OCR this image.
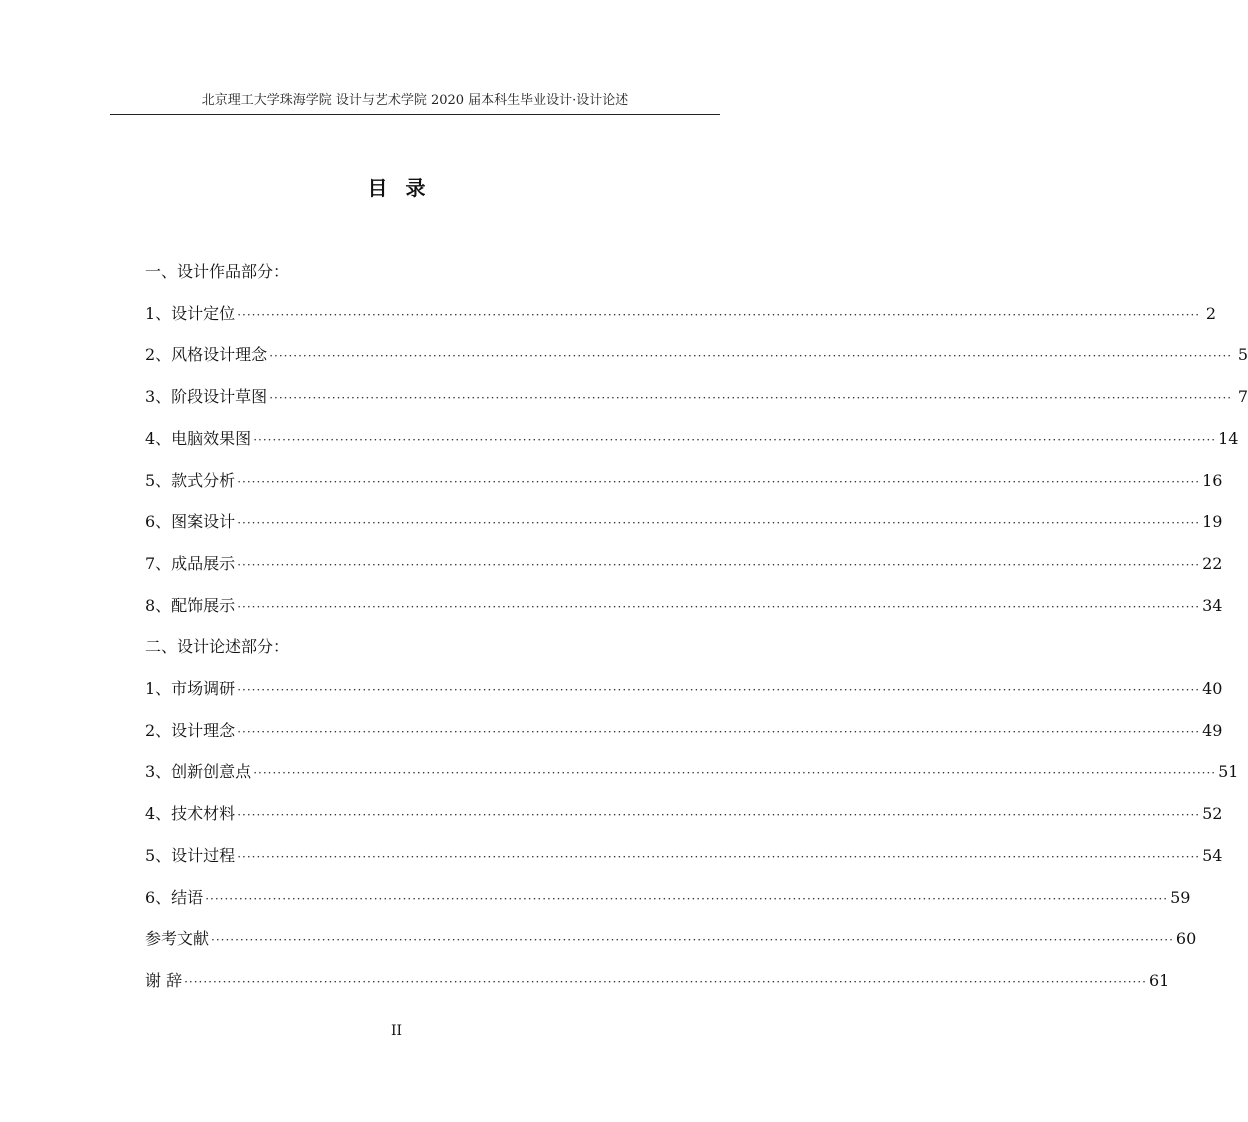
北京理工大学珠海学院 设计与艺术学院 2020 届本科生毕业设计·设计论述
目录
一、设计作品部分：
1、设计定位 ········································································································································································································ 2
2、风格设计理念 ········································································································································································································ 5
3、阶段设计草图 ········································································································································································································ 7
4、电脑效果图 ········································································································································································································ 14
5、款式分析 ········································································································································································································ 16
6、图案设计 ········································································································································································································ 19
7、成品展示 ········································································································································································································ 22
8、配饰展示 ········································································································································································································ 34
二、设计论述部分：
1、市场调研 ········································································································································································································ 40
2、设计理念 ········································································································································································································ 49
3、创新创意点 ········································································································································································································ 51
4、技术材料 ········································································································································································································ 52
5、设计过程 ········································································································································································································ 54
6、结语 ········································································································································································································ 59
参考文献 ········································································································································································································ 60
谢 辞 ········································································································································································································ 61
II
